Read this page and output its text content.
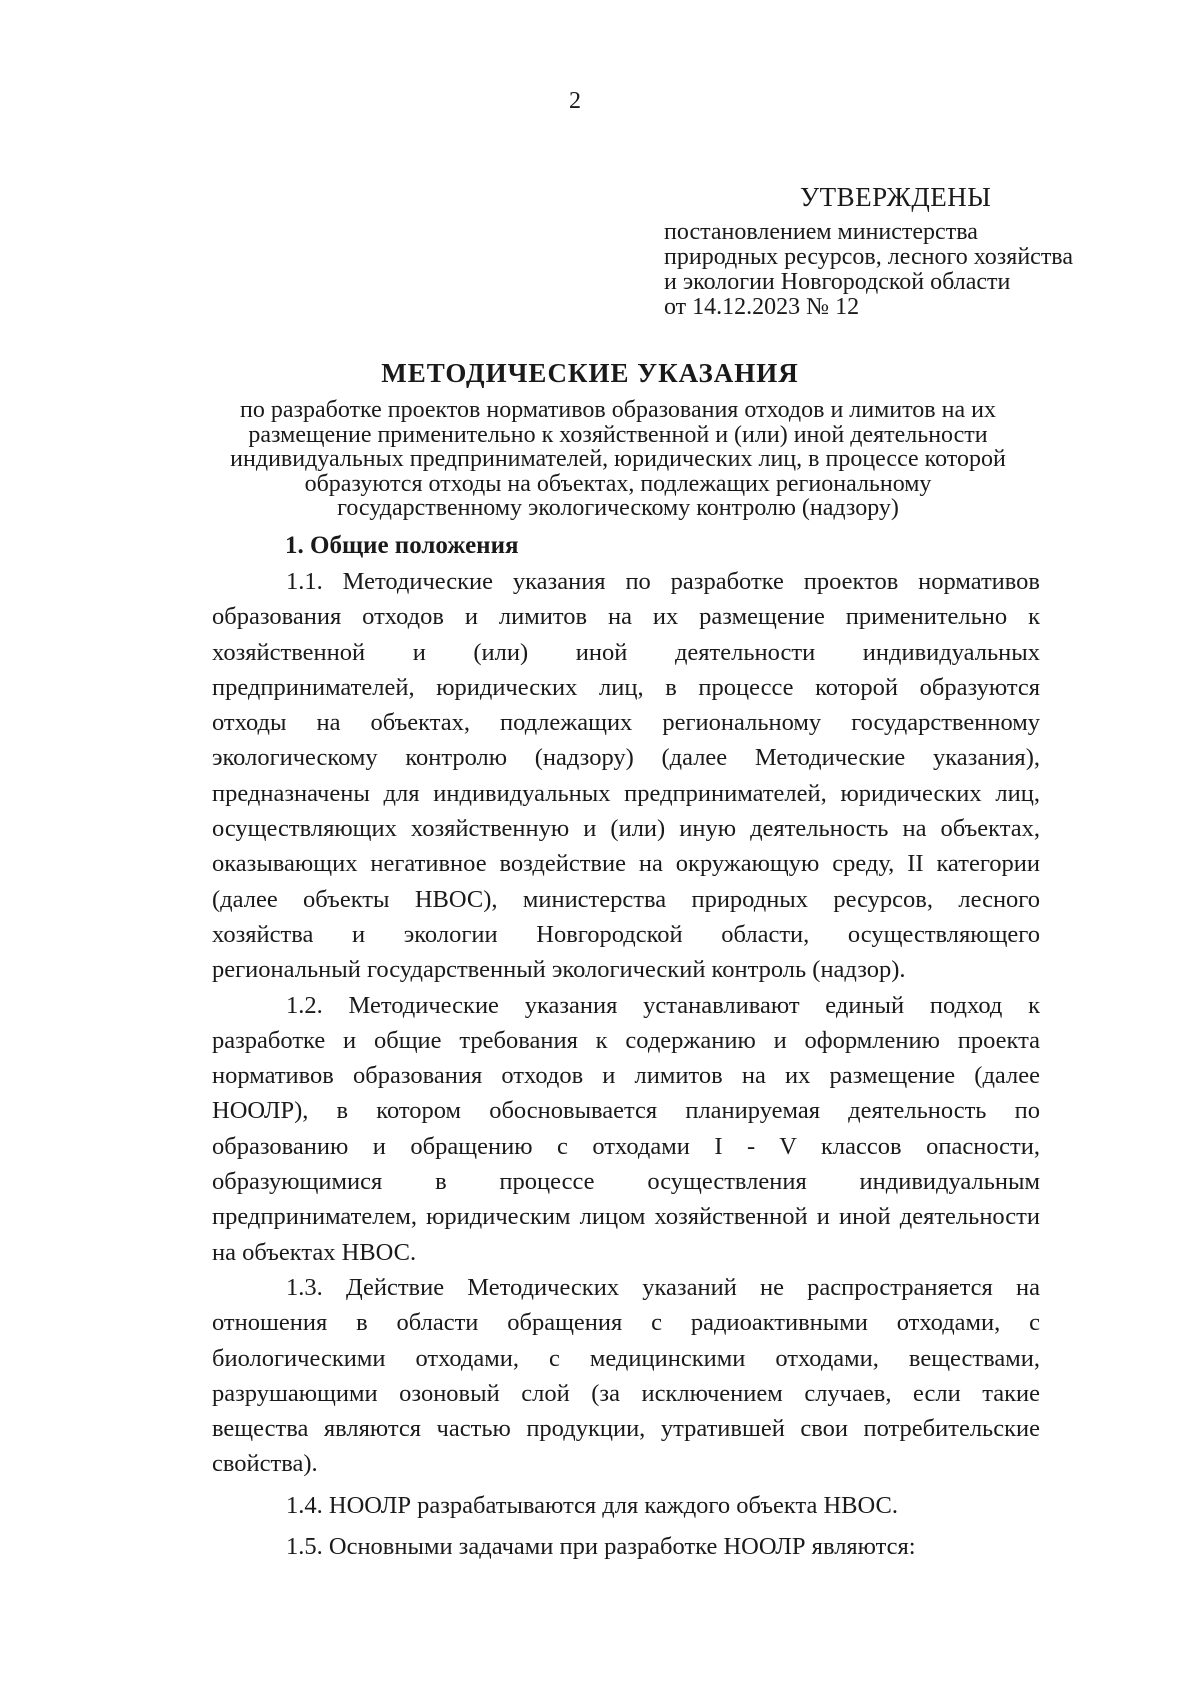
2
УТВЕРЖДЕНЫ
постановлением министерства
природных ресурсов, лесного хозяйства
и экологии Новгородской области
от 14.12.2023 № 12
МЕТОДИЧЕСКИЕ УКАЗАНИЯ
по разработке проектов нормативов образования отходов и лимитов на их
размещение применительно к хозяйственной и (или) иной деятельности
индивидуальных предпринимателей, юридических лиц, в процессе которой
образуются отходы на объектах, подлежащих региональному
государственному экологическому контролю (надзору)
1. Общие положения
1.1. Методические указания по разработке проектов нормативов
образования отходов и лимитов на их размещение применительно к
хозяйственной и (или) иной деятельности индивидуальных
предпринимателей, юридических лиц, в процессе которой образуются
отходы на объектах, подлежащих региональному государственному
экологическому контролю (надзору) (далее Методические указания),
предназначены для индивидуальных предпринимателей, юридических лиц,
осуществляющих хозяйственную и (или) иную деятельность на объектах,
оказывающих негативное воздействие на окружающую среду, II категории
(далее объекты НВОС), министерства природных ресурсов, лесного
хозяйства и экологии Новгородской области, осуществляющего
региональный государственный экологический контроль (надзор).
1.2. Методические указания устанавливают единый подход к
разработке и общие требования к содержанию и оформлению проекта
нормативов образования отходов и лимитов на их размещение (далее
НООЛР), в котором обосновывается планируемая деятельность по
образованию и обращению с отходами I - V классов опасности,
образующимися в процессе осуществления индивидуальным
предпринимателем, юридическим лицом хозяйственной и иной деятельности
на объектах НВОС.
1.3. Действие Методических указаний не распространяется на
отношения в области обращения с радиоактивными отходами, с
биологическими отходами, с медицинскими отходами, веществами,
разрушающими озоновый слой (за исключением случаев, если такие
вещества являются частью продукции, утратившей свои потребительские
свойства).

1.4. НООЛР разрабатываются для каждого объекта НВОС.

1.5. Основными задачами при разработке НООЛР являются:
